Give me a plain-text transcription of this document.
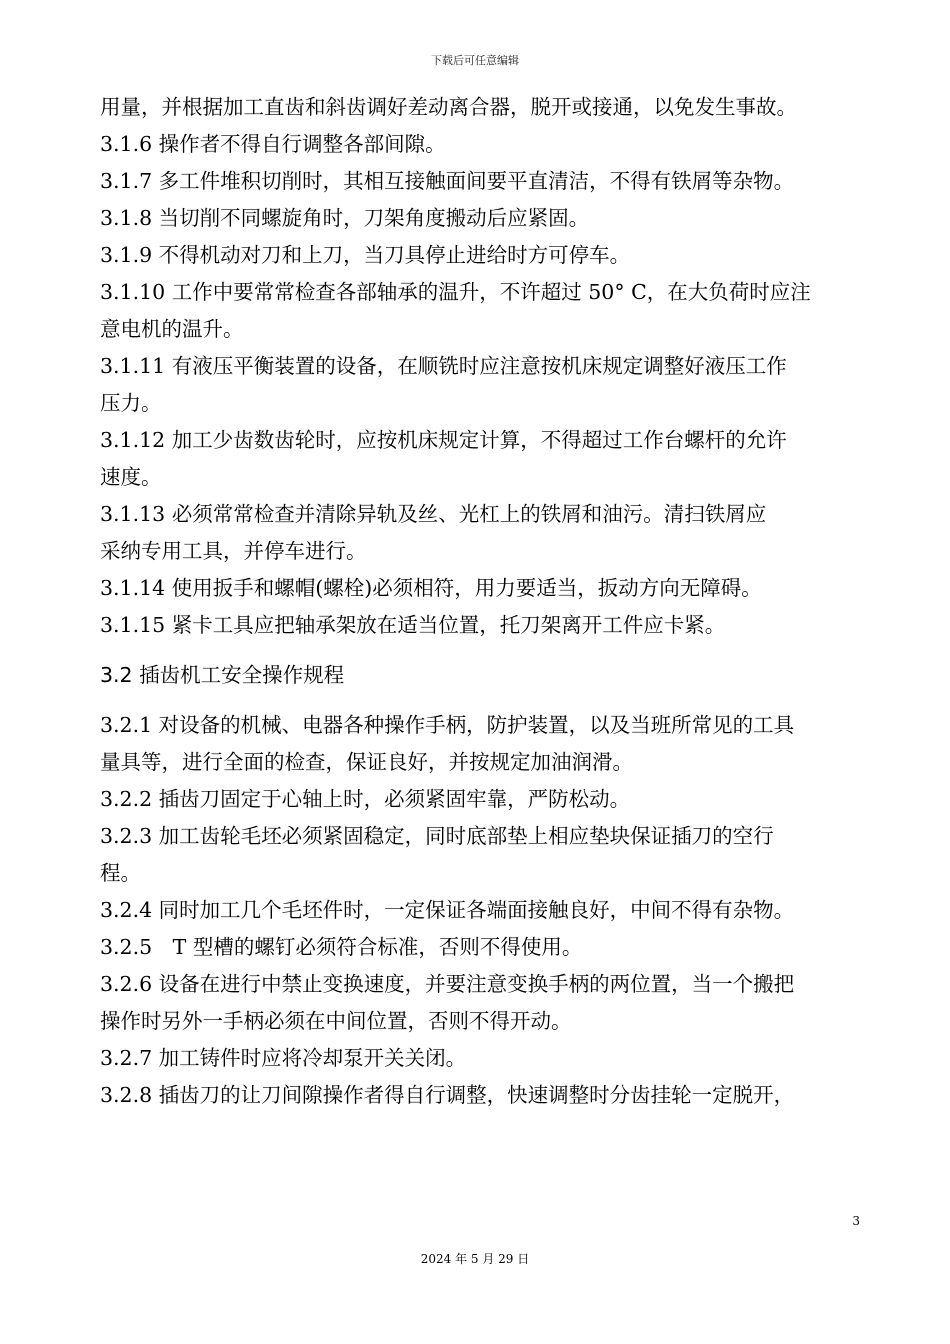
下载后可任意编辑
用量，并根据加工直齿和斜齿调好差动离合器，脱开或接通，以免发生事故。
3.1.6 操作者不得自行调整各部间隙。
3.1.7 多工件堆积切削时，其相互接触面间要平直清洁，不得有铁屑等杂物。
3.1.8 当切削不同螺旋角时，刀架角度搬动后应紧固。
3.1.9 不得机动对刀和上刀，当刀具停止进给时方可停车。
3.1.10 工作中要常常检查各部轴承的温升，不许超过 50° C，在大负荷时应注
意电机的温升。
3.1.11 有液压平衡装置的设备，在顺铣时应注意按机床规定调整好液压工作
压力。
3.1.12 加工少齿数齿轮时，应按机床规定计算，不得超过工作台螺杆的允许
速度。
3.1.13 必须常常检查并清除异轨及丝、光杠上的铁屑和油污。清扫铁屑应
采纳专用工具，并停车进行。
3.1.14 使用扳手和螺帽(螺栓)必须相符，用力要适当，扳动方向无障碍。
3.1.15 紧卡工具应把轴承架放在适当位置，托刀架离开工件应卡紧。
3.2 插齿机工安全操作规程
3.2.1 对设备的机械、电器各种操作手柄，防护装置，以及当班所常见的工具
量具等，进行全面的检查，保证良好，并按规定加油润滑。
3.2.2 插齿刀固定于心轴上时，必须紧固牢靠，严防松动。
3.2.3 加工齿轮毛坯必须紧固稳定，同时底部垫上相应垫块保证插刀的空行
程。
3.2.4 同时加工几个毛坯件时，一定保证各端面接触良好，中间不得有杂物。
3.2.5　T 型槽的螺钉必须符合标准，否则不得使用。
3.2.6 设备在进行中禁止变换速度，并要注意变换手柄的两位置，当一个搬把
操作时另外一手柄必须在中间位置，否则不得开动。
3.2.7 加工铸件时应将冷却泵开关关闭。
3.2.8 插齿刀的让刀间隙操作者得自行调整，快速调整时分齿挂轮一定脱开，
3
2024 年 5 月 29 日
